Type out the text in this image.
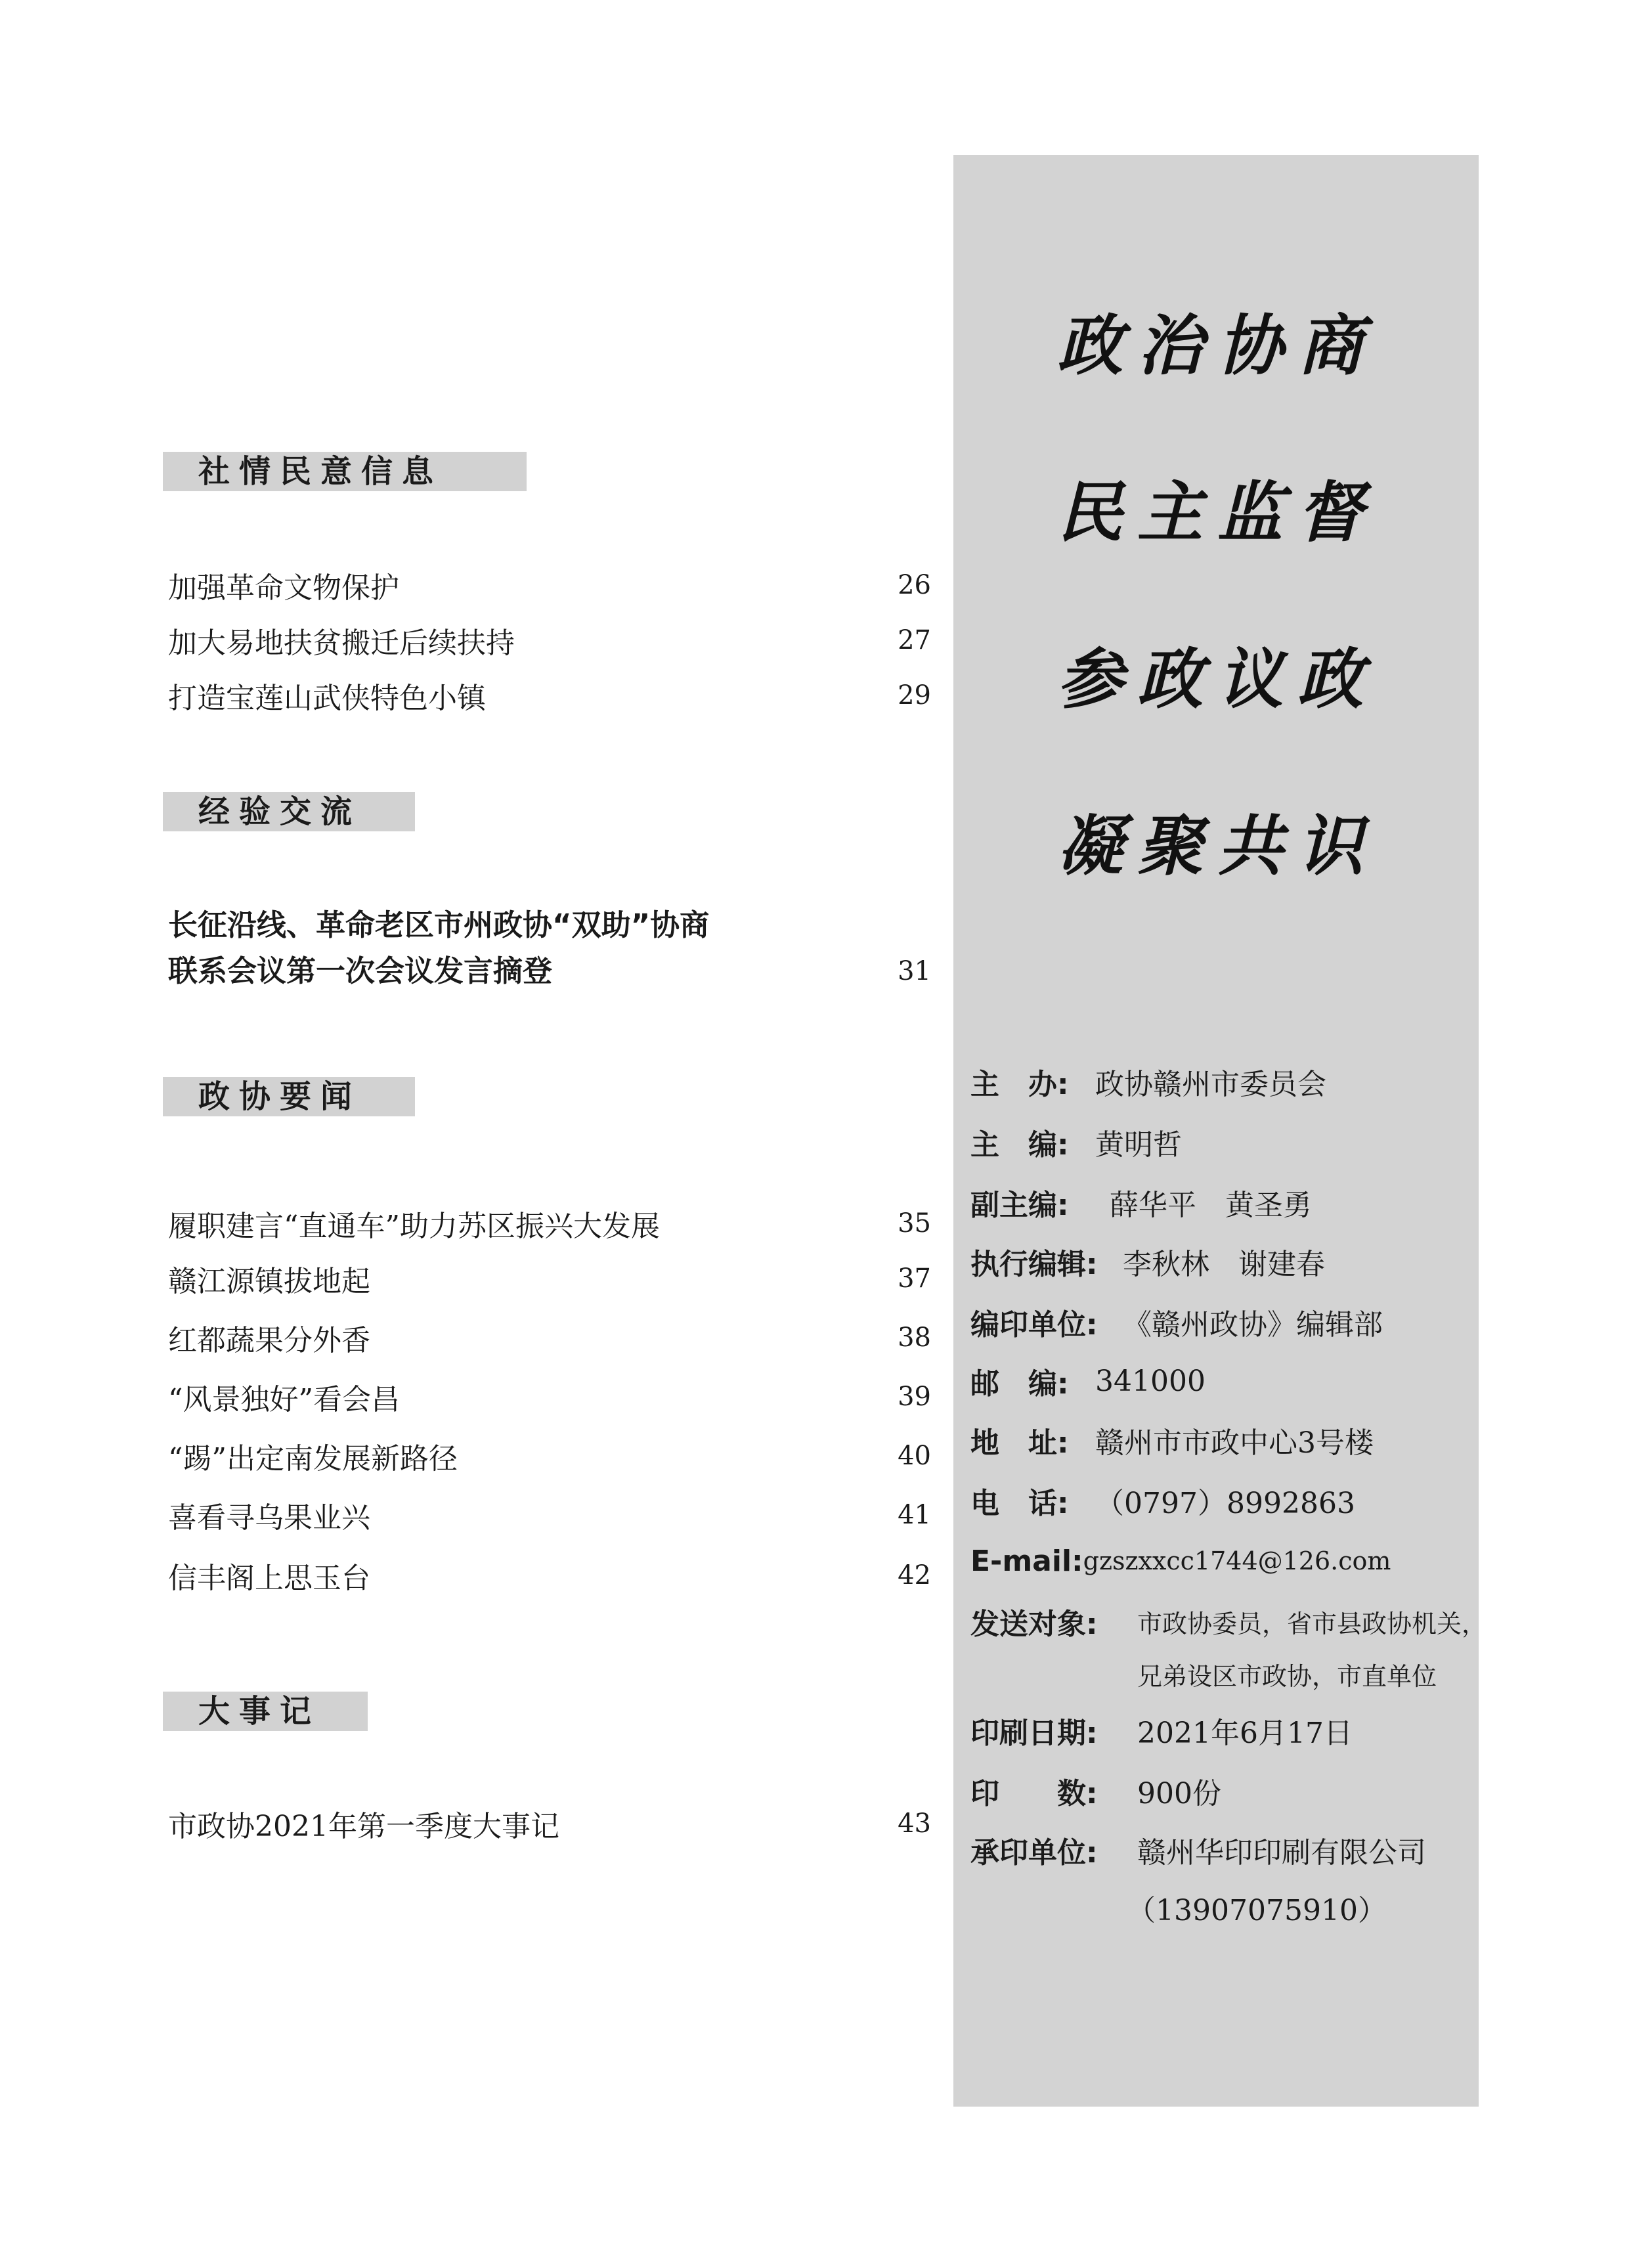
社情民意信息
加强革命文物保护	26
加大易地扶贫搬迁后续扶持	27
打造宝莲山武侠特色小镇	29
经验交流
长征沿线、革命老区市州政协“双助”协商
联系会议第一次会议发言摘登	31
政协要闻
履职建言“直通车”助力苏区振兴大发展	35
赣江源镇拔地起	37
红都蔬果分外香	38
“风景独好”看会昌	39
“踢”出定南发展新路径	40
喜看寻乌果业兴	41
信丰阁上思玉台	42
大事记
市政协2021年第一季度大事记	43
政治协商
民主监督
参政议政
凝聚共识
主　办: 政协赣州市委员会
主　编: 黄明哲
副主编:	薛华平　黄圣勇
执行编辑: 李秋林　谢建春
编印单位: 《赣州政协》编辑部
邮　编: 341000
地　址: 赣州市市政中心3号楼
电　话: （0797）8992863
E-mail: gzszxxcc1744@126.com
发送对象:	市政协委员，省市县政协机关，
兄弟设区市政协，市直单位
印刷日期:	2021年6月17日
印　　数:	900份
承印单位:	赣州华印印刷有限公司
（13907075910）
